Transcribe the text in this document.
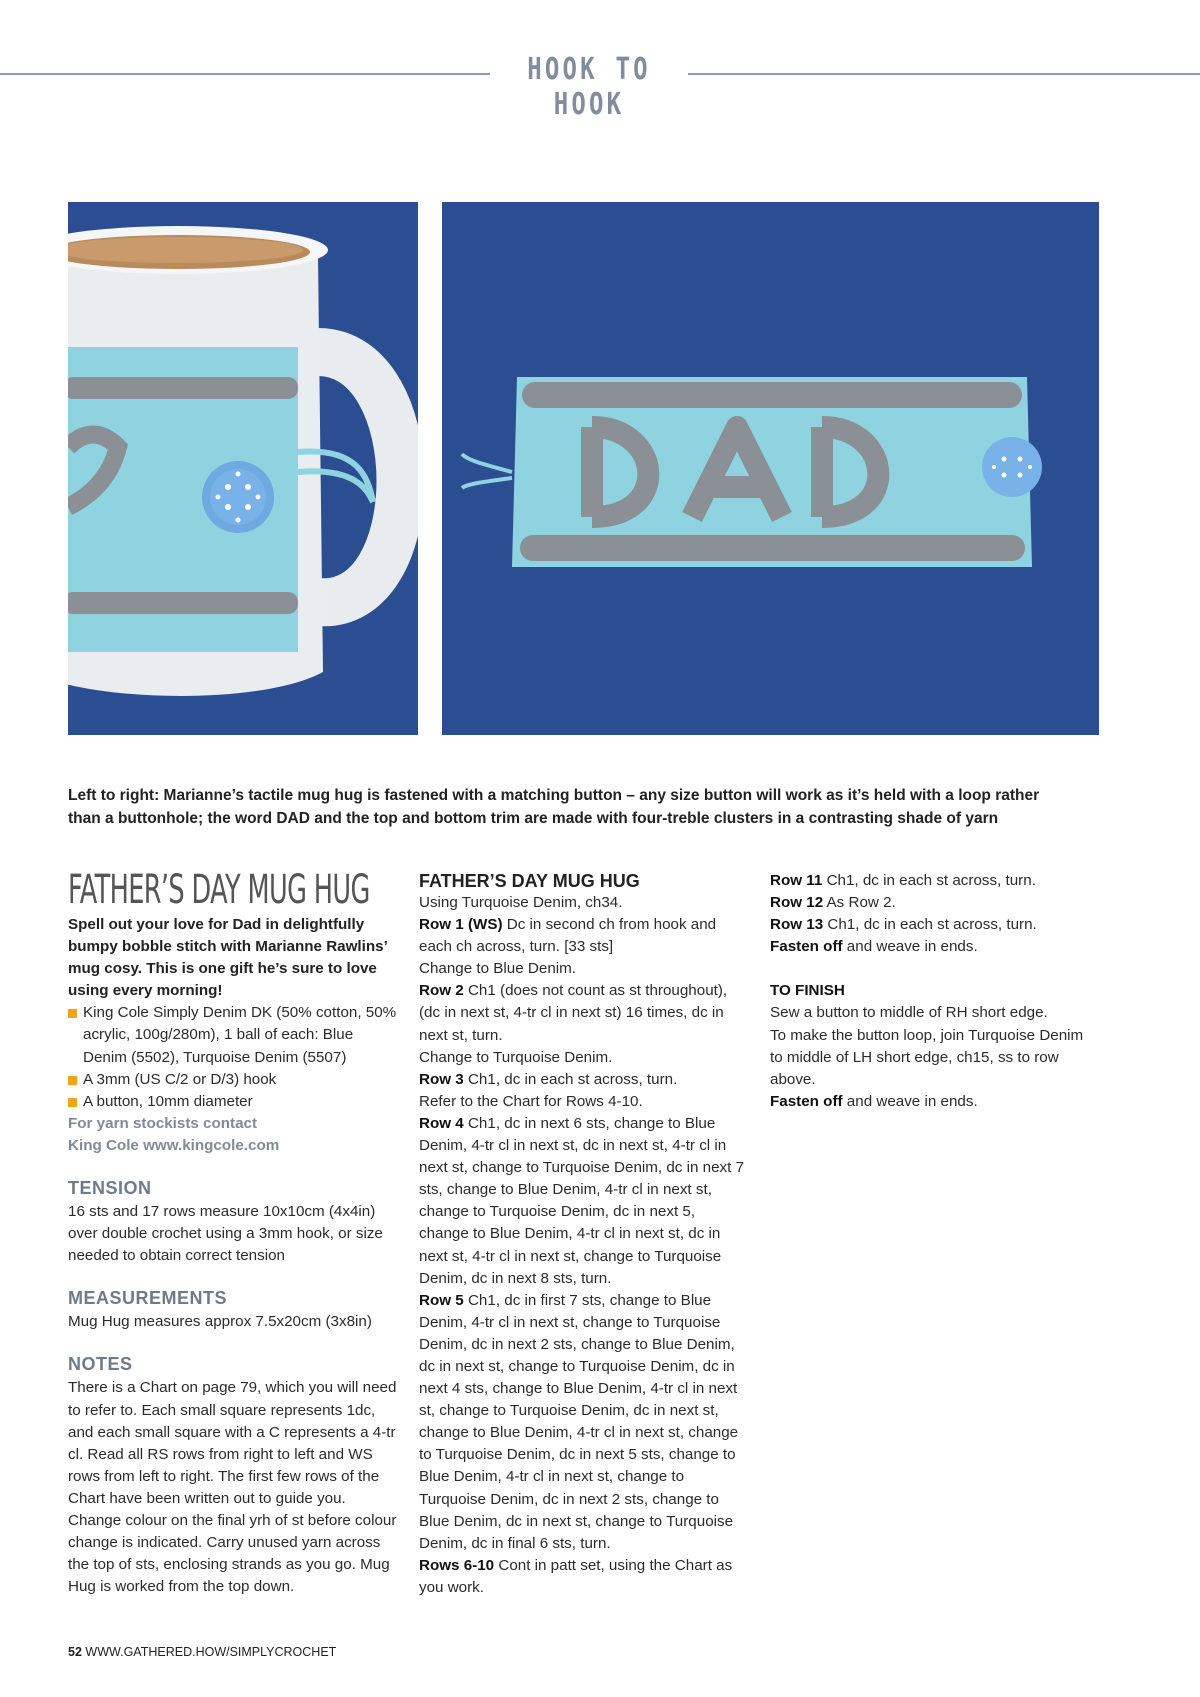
HOOK TO HOOK
Left to right: Marianne’s tactile mug hug is fastened with a matching button – any size button will work as it’s held with a loop rather than a buttonhole; the word DAD and the top and bottom trim are made with four-treble clusters in a contrasting shade of yarn
FATHER’S DAY MUG HUG

Spell out your love for Dad in delightfully bumpy bobble stitch with Marianne Rawlins’ mug cosy. This is one gift he’s sure to love using every morning!

King Cole Simply Denim DK (50% cotton, 50% acrylic, 100g/280m), 1 ball of each: Blue Denim (5502), Turquoise Denim (5507)

A 3mm (US C/2 or D/3) hook

A button, 10mm diameter

For yarn stockists contact

King Cole www.kingcole.com

TENSION

16 sts and 17 rows measure 10x10cm (4x4in) over double crochet using a 3mm hook, or size needed to obtain correct tension

MEASUREMENTS

Mug Hug measures approx 7.5x20cm (3x8in)

NOTES

There is a Chart on page 79, which you will need to refer to. Each small square represents 1dc, and each small square with a C represents a 4-tr cl. Read all RS rows from right to left and WS rows from left to right. The first few rows of the Chart have been written out to guide you. Change colour on the final yrh of st before colour change is indicated. Carry unused yarn across the top of sts, enclosing strands as you go. Mug Hug is worked from the top down.

FATHER’S DAY MUG HUG

Using Turquoise Denim, ch34.

Row 1 (WS) Dc in second ch from hook and each ch across, turn. [33 sts]

Change to Blue Denim.

Row 2 Ch1 (does not count as st throughout), (dc in next st, 4-tr cl in next st) 16 times, dc in next st, turn.

Change to Turquoise Denim.

Row 3 Ch1, dc in each st across, turn.

Refer to the Chart for Rows 4-10.

Row 4 Ch1, dc in next 6 sts, change to Blue Denim, 4-tr cl in next st, dc in next st, 4-tr cl in next st, change to Turquoise Denim, dc in next 7 sts, change to Blue Denim, 4-tr cl in next st, change to Turquoise Denim, dc in next 5, change to Blue Denim, 4-tr cl in next st, dc in next st, 4-tr cl in next st, change to Turquoise Denim, dc in next 8 sts, turn.

Row 5 Ch1, dc in first 7 sts, change to Blue Denim, 4-tr cl in next st, change to Turquoise Denim, dc in next 2 sts, change to Blue Denim, dc in next st, change to Turquoise Denim, dc in next 4 sts, change to Blue Denim, 4-tr cl in next st, change to Turquoise Denim, dc in next st, change to Blue Denim, 4-tr cl in next st, change to Turquoise Denim, dc in next 5 sts, change to Blue Denim, 4-tr cl in next st, change to Turquoise Denim, dc in next 2 sts, change to Blue Denim, dc in next st, change to Turquoise Denim, dc in final 6 sts, turn.

Rows 6-10 Cont in patt set, using the Chart as you work.

Row 11 Ch1, dc in each st across, turn.

Row 12 As Row 2.

Row 13 Ch1, dc in each st across, turn.

Fasten off and weave in ends.

TO FINISH

Sew a button to middle of RH short edge.

To make the button loop, join Turquoise Denim to middle of LH short edge, ch15, ss to row above.

Fasten off and weave in ends.

52 WWW.GATHERED.HOW/SIMPLYCROCHET
